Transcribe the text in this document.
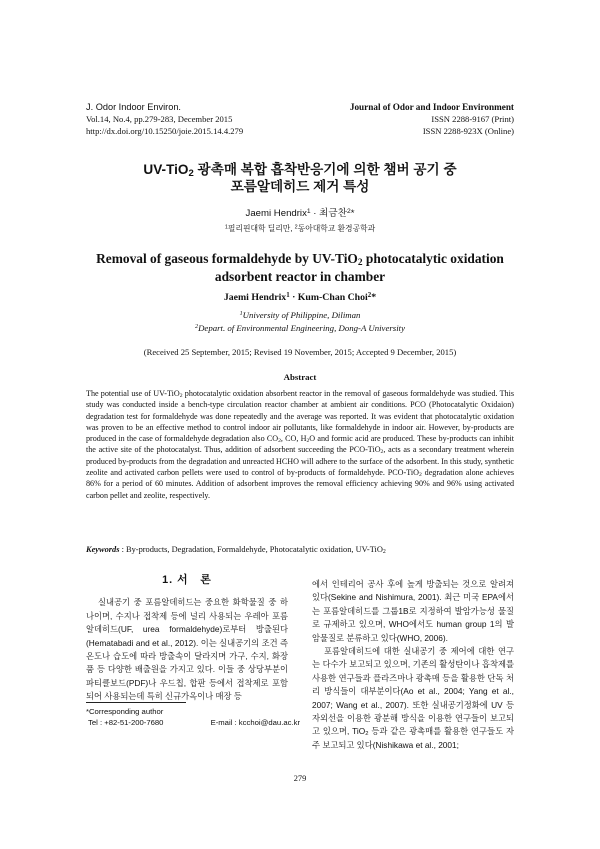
J. Odor Indoor Environ.
Vol.14, No.4, pp.279-283, December 2015
http://dx.doi.org/10.15250/joie.2015.14.4.279
Journal of Odor and Indoor Environment
ISSN 2288-9167 (Print)
ISSN 2288-923X (Online)
UV-TiO$_2$ 광촉매 복합 흡착반응기에 의한 챔버 공기 중
포름알데히드 제거 특성
Jaemi Hendrix$^1$ · 최금찬$^2$*
$^1$필리핀대학 딜리만, $^2$동아대학교 환경공학과
Removal of gaseous formaldehyde by UV-TiO$_2$ photocatalytic oxidation
adsorbent reactor in chamber
Jaemi Hendrix$^1$ · Kum-Chan Choi$^2$*
$^1$University of Philippine, Diliman
$^2$Depart. of Environmental Engineering, Dong-A University
(Received 25 September, 2015; Revised 19 November, 2015; Accepted 9 December, 2015)
Abstract
The potential use of UV-TiO$_2$ photocatalytic oxidation absorbent reactor in the removal of gaseous formaldehyde was studied. This study was conducted inside a bench-type circulation reactor chamber at ambient air conditions. PCO (Photocatalytic Oxidaion) degradation test for formaldehyde was done repeatedly and the average was reported. It was evident that photocatalytic oxidation was proven to be an effective method to control indoor air pollutants, like formaldehyde in indoor air. However, by-products are produced in the case of formaldehyde degradation also $CO_2$, CO, $H_2O$ and formic acid are produced. These by-products can inhibit the active site of the photocatalyst. Thus, addition of adsorbent succeeding the PCO-TiO$_2$, acts as a secondary treatment wherein produced by-products from the degradation and unreacted HCHO will adhere to the surface of the adsorbent. In this study, synthetic zeolite and activated carbon pellets were used to control of by-products of formaldehyde. PCO-TiO$_2$ degradation alone achieves 86% for a period of 60 minutes. Addition of adsorbent improves the removal efficiency achieving 90% and 96% using activated carbon pellet and zeolite, respectively.
Keywords : By-products, Degradation, Formaldehyde, Photocatalytic oxidation, UV-TiO$_2$
1. 서　론

실내공기 중 포름알데히드는 중요한 화학물질 중 하나이며, 수지나 접착제 등에 널리 사용되는 우레아 포름알데히드(UF, urea formaldehyde)로부터 방출된다(Hematabadi and et al., 2012). 이는 실내공기의 조건 즉 온도나 습도에 따라 방출속이 달라지며 가구, 수지, 화장품 등 다양한 배출원을 가지고 있다. 이들 중 상당부분이 파티클보드(PDF)나 우드칩, 합판 등에서 접착제로 포함되어 사용되는데 특히 신규가옥이나 매장 등

에서 인테리어 공사 후에 높게 방출되는 것으로 알려져 있다(Sekine and Nishimura, 2001). 최근 미국 EPA에서는 포름알데히드를 그룹1B로 지정하여 발암가능성 물질로 규제하고 있으며, WHO에서도 human group 1의 발암물질로 분류하고 있다(WHO, 2006).

포름알데히드에 대한 실내공기 중 제어에 대한 연구는 다수가 보고되고 있으며, 기존의 활성탄이나 흡착제를 사용한 연구들과 플라즈마나 광촉매 등을 활용한 단독 처리 방식들이 대부분이다(Ao et al., 2004; Yang et al., 2007; Wang et al., 2007). 또한 실내공기정화에 UV 등 자외선을 이용한 광분해 방식을 이용한 연구들이 보고되고 있으며, TiO$_2$ 등과 같은 광촉매를 활용한 연구들도 자주 보고되고 있다(Nishikawa et al., 2001;

*Corresponding author
Tel : +82-51-200-7680	E-mail : kcchoi@dau.ac.kr
279
